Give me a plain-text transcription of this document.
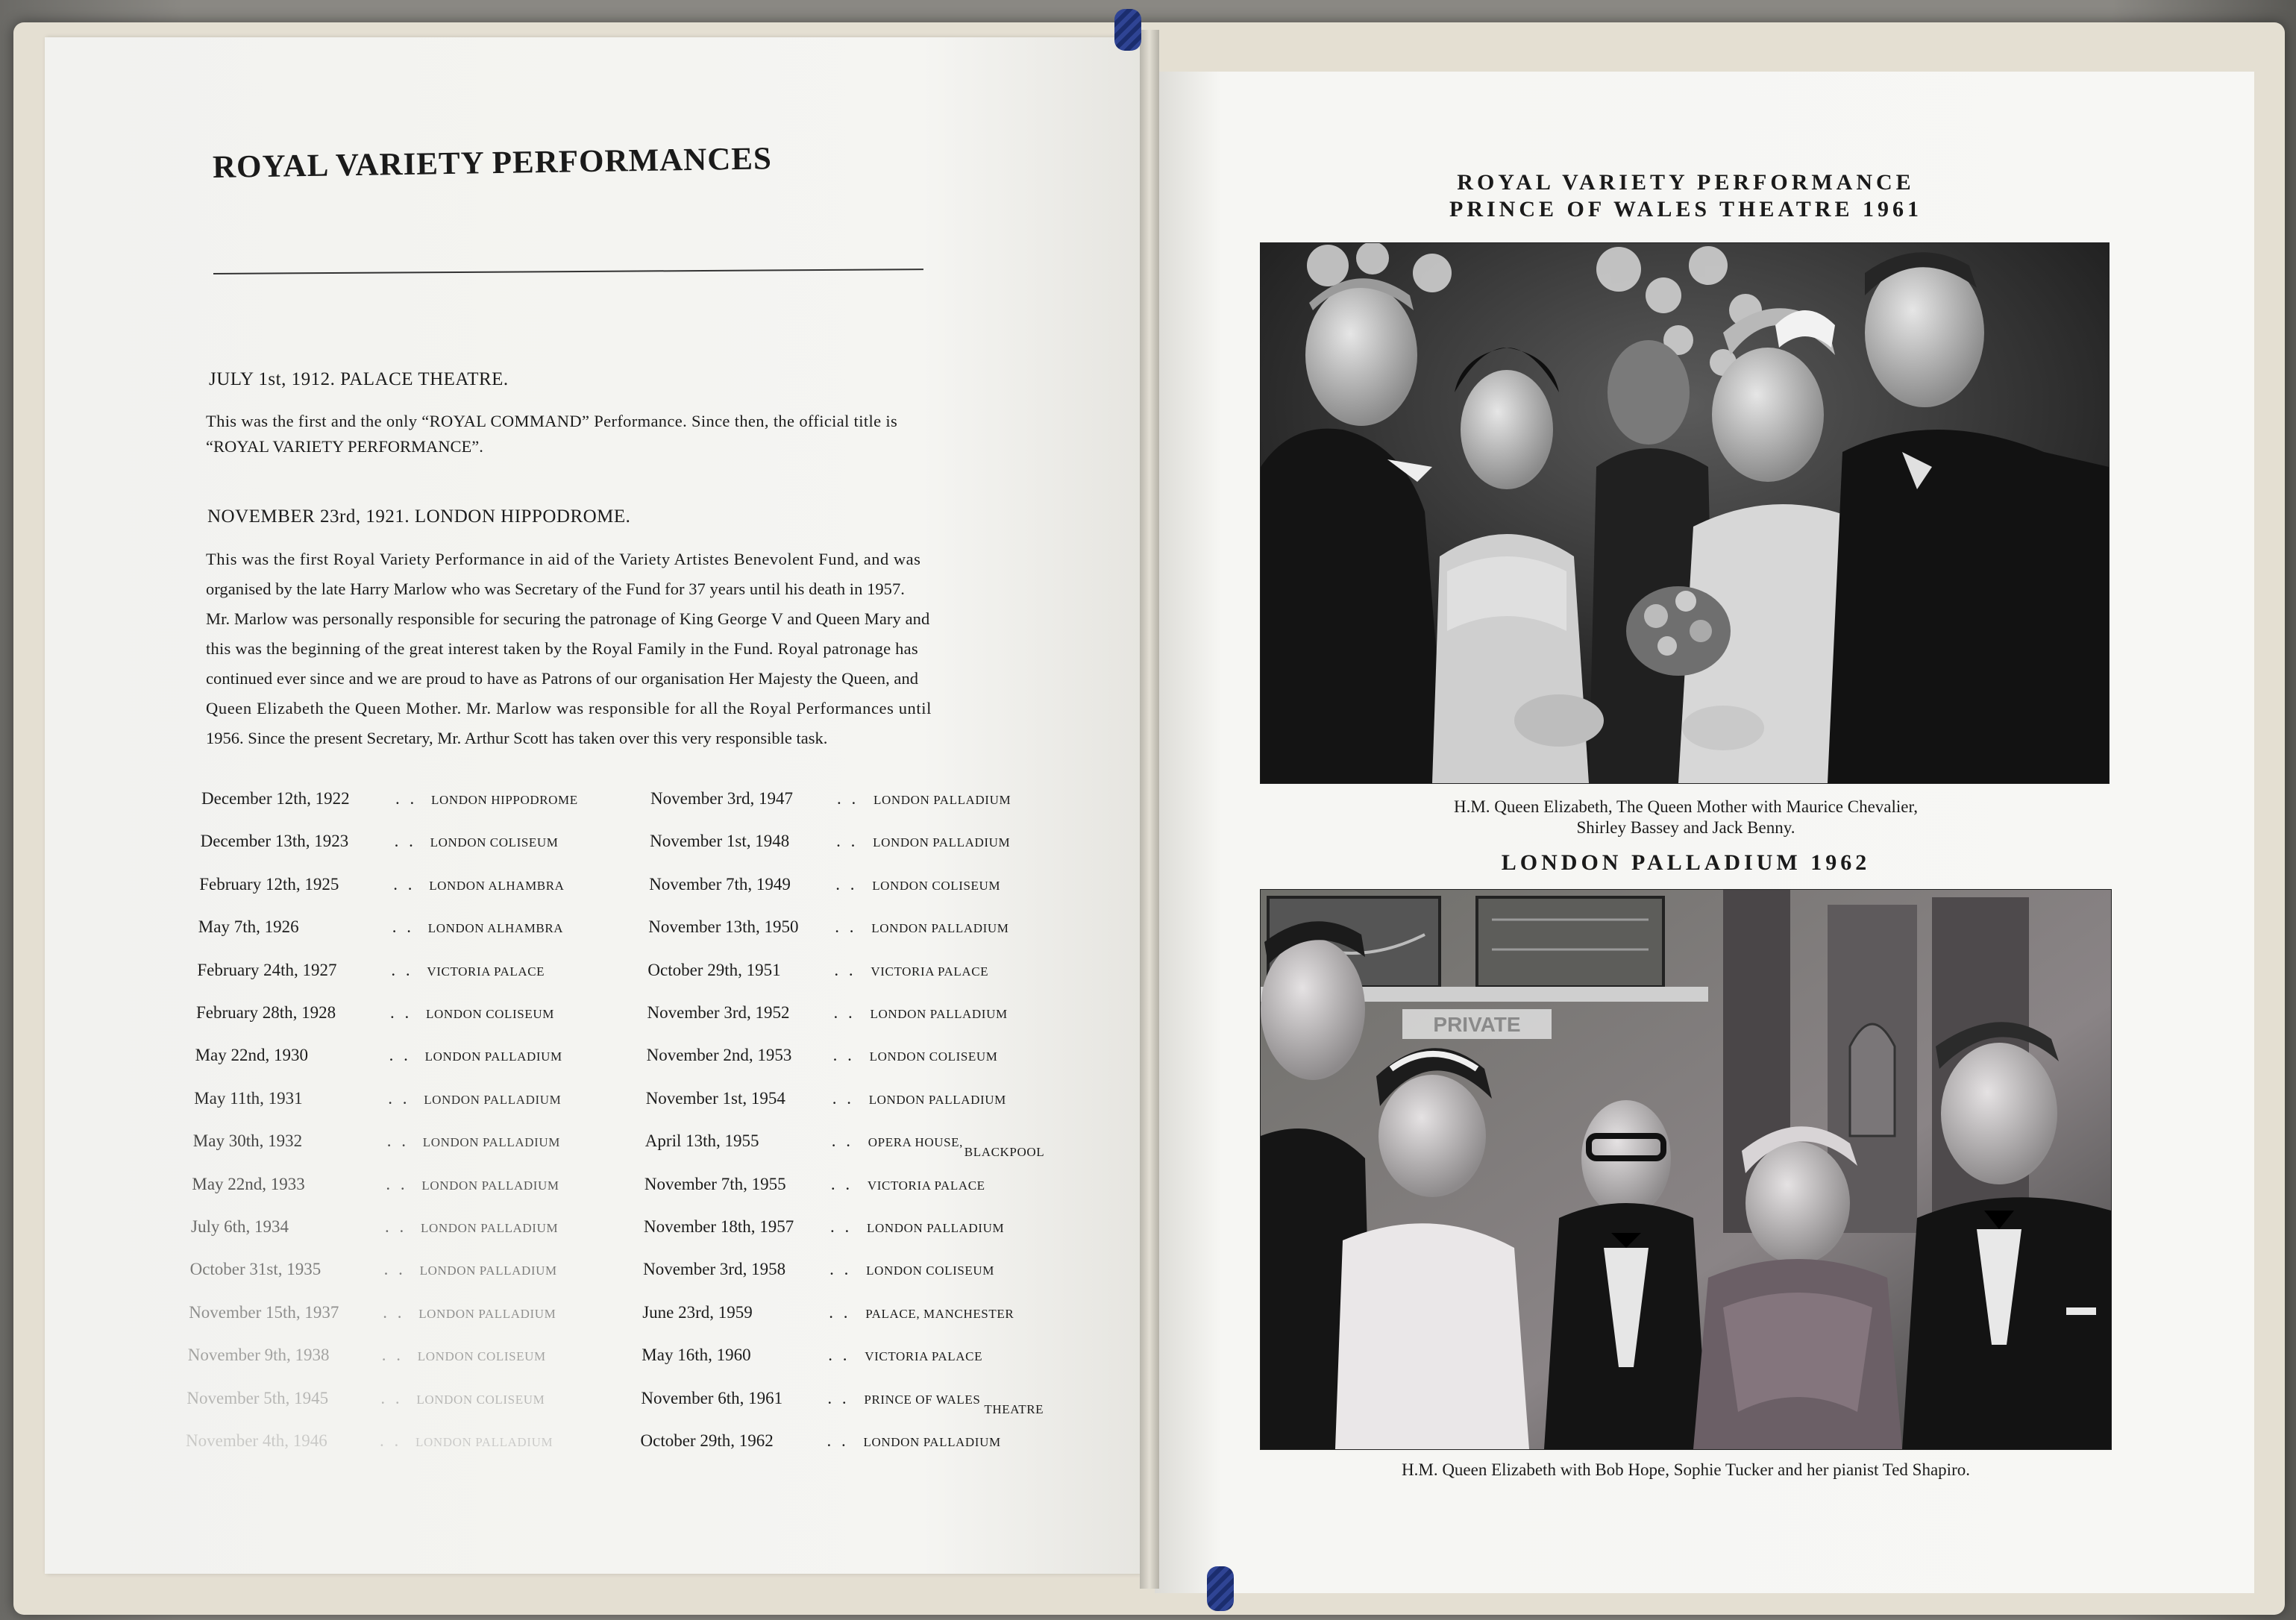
ROYAL VARIETY PERFORMANCES
JULY 1st, 1912. PALACE THEATRE.
This was the first and the only “ROYAL COMMAND” Performance. Since then, the official title is
“ROYAL VARIETY PERFORMANCE”.
NOVEMBER 23rd, 1921. LONDON HIPPODROME.
This was the first Royal Variety Performance in aid of the Variety Artistes Benevolent Fund, and was
organised by the late Harry Marlow who was Secretary of the Fund for 37 years until his death in 1957.
Mr. Marlow was personally responsible for securing the patronage of King George V and Queen Mary and
this was the beginning of the great interest taken by the Royal Family in the Fund. Royal patronage has
continued ever since and we are proud to have as Patrons of our organisation Her Majesty the Queen, and
Queen Elizabeth the Queen Mother. Mr. Marlow was responsible for all the Royal Performances until
1956. Since the present Secretary, Mr. Arthur Scott has taken over this very responsible task.
December 12th, 1922	. . LONDON HIPPODROME
December 13th, 1923	. . LONDON COLISEUM
February 12th, 1925	. . LONDON ALHAMBRA
May 7th, 1926	. . LONDON ALHAMBRA
February 24th, 1927	. . VICTORIA PALACE
February 28th, 1928	. . LONDON COLISEUM
May 22nd, 1930	. . LONDON PALLADIUM
May 11th, 1931	. . LONDON PALLADIUM
May 30th, 1932	. . LONDON PALLADIUM
May 22nd, 1933	. . LONDON PALLADIUM
July 6th, 1934	. . LONDON PALLADIUM
October 31st, 1935	. . LONDON PALLADIUM
November 15th, 1937	. . LONDON PALLADIUM
November 9th, 1938	. . LONDON COLISEUM
November 5th, 1945	. . LONDON COLISEUM
November 4th, 1946	. . LONDON PALLADIUM
November 3rd, 1947	. . LONDON PALLADIUM
November 1st, 1948	. . LONDON PALLADIUM
November 7th, 1949	. . LONDON COLISEUM
November 13th, 1950 . . LONDON PALLADIUM
October 29th, 1951	. . VICTORIA PALACE
November 3rd, 1952	. . LONDON PALLADIUM
November 2nd, 1953 . . LONDON COLISEUM
November 1st, 1954	. . LONDON PALLADIUM
April 13th, 1955	. . OPERA HOUSE,
BLACKPOOL
November 7th, 1955	. . VICTORIA PALACE
November 18th, 1957 . . LONDON PALLADIUM
November 3rd, 1958	. . LONDON COLISEUM
June 23rd, 1959	. . PALACE, MANCHESTER
May 16th, 1960	. . VICTORIA PALACE
November 6th, 1961	. . PRINCE OF WALES
THEATRE
October 29th, 1962	. . LONDON PALLADIUM
ROYAL VARIETY PERFORMANCE
PRINCE OF WALES THEATRE 1961
H.M. Queen Elizabeth, The Queen Mother with Maurice Chevalier,
Shirley Bassey and Jack Benny.
LONDON PALLADIUM 1962
PRIVATE
H.M. Queen Elizabeth with Bob Hope, Sophie Tucker and her pianist Ted Shapiro.
